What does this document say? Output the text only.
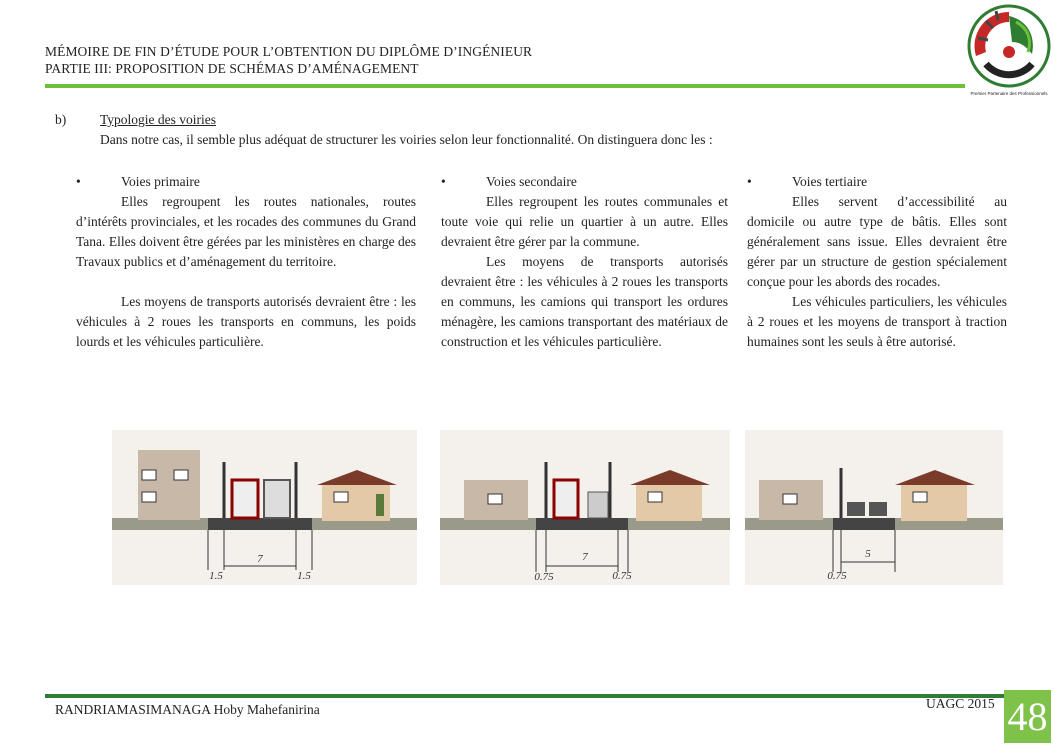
MÉMOIRE DE FIN D’ÉTUDE POUR L’OBTENTION DU DIPLÔME D’INGÉNIEUR
PARTIE III: PROPOSITION DE SCHÉMAS D’AMÉNAGEMENT
Premier Partenaire des Professionnels
b)	Typologie des voiries
Dans notre cas, il semble plus adéquat de structurer les voiries selon leur fonctionnalité. On distinguera donc les :
•	Voies primaire

Elles regroupent les routes nationales, routes d’intérêts provinciales, et les rocades des communes du Grand Tana. Elles doivent être gérées par les ministères en charge des Travaux publics et d’aménagement du territoire.

Les moyens de transports autorisés devraient être : les véhicules à 2 roues les transports en communs, les poids lourds et les véhicules particulière.

•	Voies secondaire

Elles regroupent les routes communales et toute voie qui relie un quartier à un autre. Elles devraient être gérer par la commune.

Les moyens de transports autorisés devraient être : les véhicules à 2 roues les transports en communs, les camions qui transport les ordures ménagère, les camions transportant des matériaux de construction et les véhicules particulière.

•	Voies tertiaire

Elles servent d’accessibilité au domicile ou autre type de bâtis. Elles sont généralement sans issue. Elles devraient être gérer par un structure de gestion spécialement conçue pour les abords des rocades.

Les véhicules particuliers, les véhicules à 2 roues et les moyens de transport à traction humaines sont les seuls à être autorisé.

7
1.5	1.5
7
0.75	0.75
5
0.75
RANDRIAMASIMANAGA Hoby Mahefanirina	UAGC 2015 48
